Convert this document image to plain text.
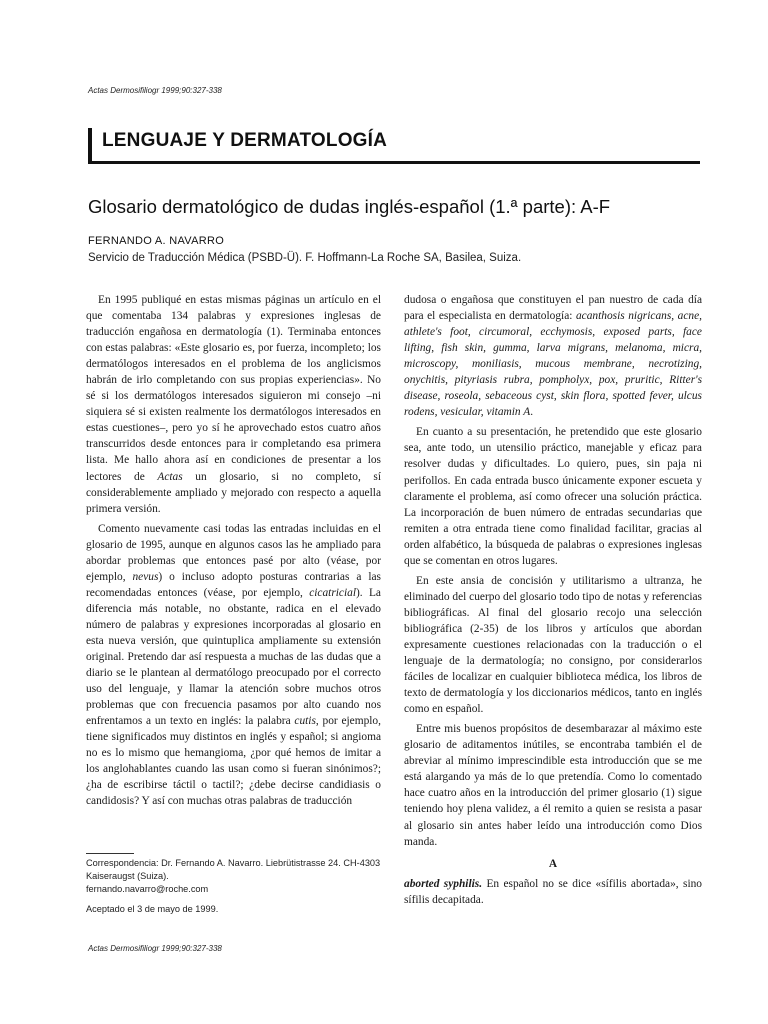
Actas Dermosifiliogr 1999;90:327-338
LENGUAJE Y DERMATOLOGÍA
Glosario dermatológico de dudas inglés-español (1.ª parte): A-F
FERNANDO A. NAVARRO
Servicio de Traducción Médica (PSBD-Ü). F. Hoffmann-La Roche SA, Basilea, Suiza.

En 1995 publiqué en estas mismas páginas un artículo en el que comentaba 134 palabras y expresiones inglesas de traducción engañosa en dermatología (1). Terminaba entonces con estas palabras: «Este glosario es, por fuerza, incompleto; los dermatólogos interesados en el problema de los anglicismos habrán de irlo completando con sus propias experiencias». No sé si los dermatólogos interesados siguieron mi consejo –ni siquiera sé si existen realmente los dermatólogos interesados en estas cuestiones–, pero yo sí he aprovechado estos cuatro años transcurridos desde entonces para ir completando esa primera lista. Me hallo ahora así en condiciones de presentar a los lectores de Actas un glosario, si no completo, sí considerablemente ampliado y mejorado con respecto a aquella primera versión.

Comento nuevamente casi todas las entradas incluidas en el glosario de 1995, aunque en algunos casos las he ampliado para abordar problemas que entonces pasé por alto (véase, por ejemplo, nevus) o incluso adopto posturas contrarias a las recomendadas entonces (véase, por ejemplo, cicatricial). La diferencia más notable, no obstante, radica en el elevado número de palabras y expresiones incorporadas al glosario en esta nueva versión, que quintuplica ampliamente su extensión original. Pretendo dar así respuesta a muchas de las dudas que a diario se le plantean al dermatólogo preocupado por el correcto uso del lenguaje, y llamar la atención sobre muchos otros problemas que con frecuencia pasamos por alto cuando nos enfrentamos a un texto en inglés: la palabra cutis, por ejemplo, tiene significados muy distintos en inglés y español; si angioma no es lo mismo que hemangioma, ¿por qué hemos de imitar a los anglohablantes cuando las usan como si fueran sinónimos?; ¿ha de escribirse táctil o tactil?; ¿debe decirse candidiasis o candidosis? Y así con muchas otras palabras de traducción

dudosa o engañosa que constituyen el pan nuestro de cada día para el especialista en dermatología: acanthosis nigricans, acne, athlete's foot, circumoral, ecchymosis, exposed parts, face lifting, fish skin, gumma, larva migrans, melanoma, micra, microscopy, moniliasis, mucous membrane, necrotizing, onychitis, pityriasis rubra, pompholyx, pox, pruritic, Ritter's disease, roseola, sebaceous cyst, skin flora, spotted fever, ulcus rodens, vesicular, vitamin A.

En cuanto a su presentación, he pretendido que este glosario sea, ante todo, un utensilio práctico, manejable y eficaz para resolver dudas y dificultades. Lo quiero, pues, sin paja ni perifollos. En cada entrada busco únicamente exponer escueta y claramente el problema, así como ofrecer una solución práctica. La incorporación de buen número de entradas secundarias que remiten a otra entrada tiene como finalidad facilitar, gracias al orden alfabético, la búsqueda de palabras o expresiones inglesas que se comentan en otros lugares.

En este ansia de concisión y utilitarismo a ultranza, he eliminado del cuerpo del glosario todo tipo de notas y referencias bibliográficas. Al final del glosario recojo una selección bibliográfica (2-35) de los libros y artículos que abordan expresamente cuestiones relacionadas con la traducción o el lenguaje de la dermatología; no consigno, por considerarlos fáciles de localizar en cualquier biblioteca médica, los libros de texto de dermatología y los diccionarios médicos, tanto en inglés como en español.

Entre mis buenos propósitos de desembarazar al máximo este glosario de aditamentos inútiles, se encontraba también el de abreviar al mínimo imprescindible esta introducción que se me está alargando ya más de lo que pretendía. Como lo comentado hace cuatro años en la introducción del primer glosario (1) sigue teniendo hoy plena validez, a él remito a quien se resista a pasar al glosario sin antes haber leído una introducción como Dios manda.

A

aborted syphilis. En español no se dice «sífilis abortada», sino sífilis decapitada.

Correspondencia: Dr. Fernando A. Navarro. Liebrütistrasse 24. CH-4303 Kaiseraugst (Suiza).
fernando.navarro@roche.com
Aceptado el 3 de mayo de 1999.
Actas Dermosifiliogr 1999;90:327-338
